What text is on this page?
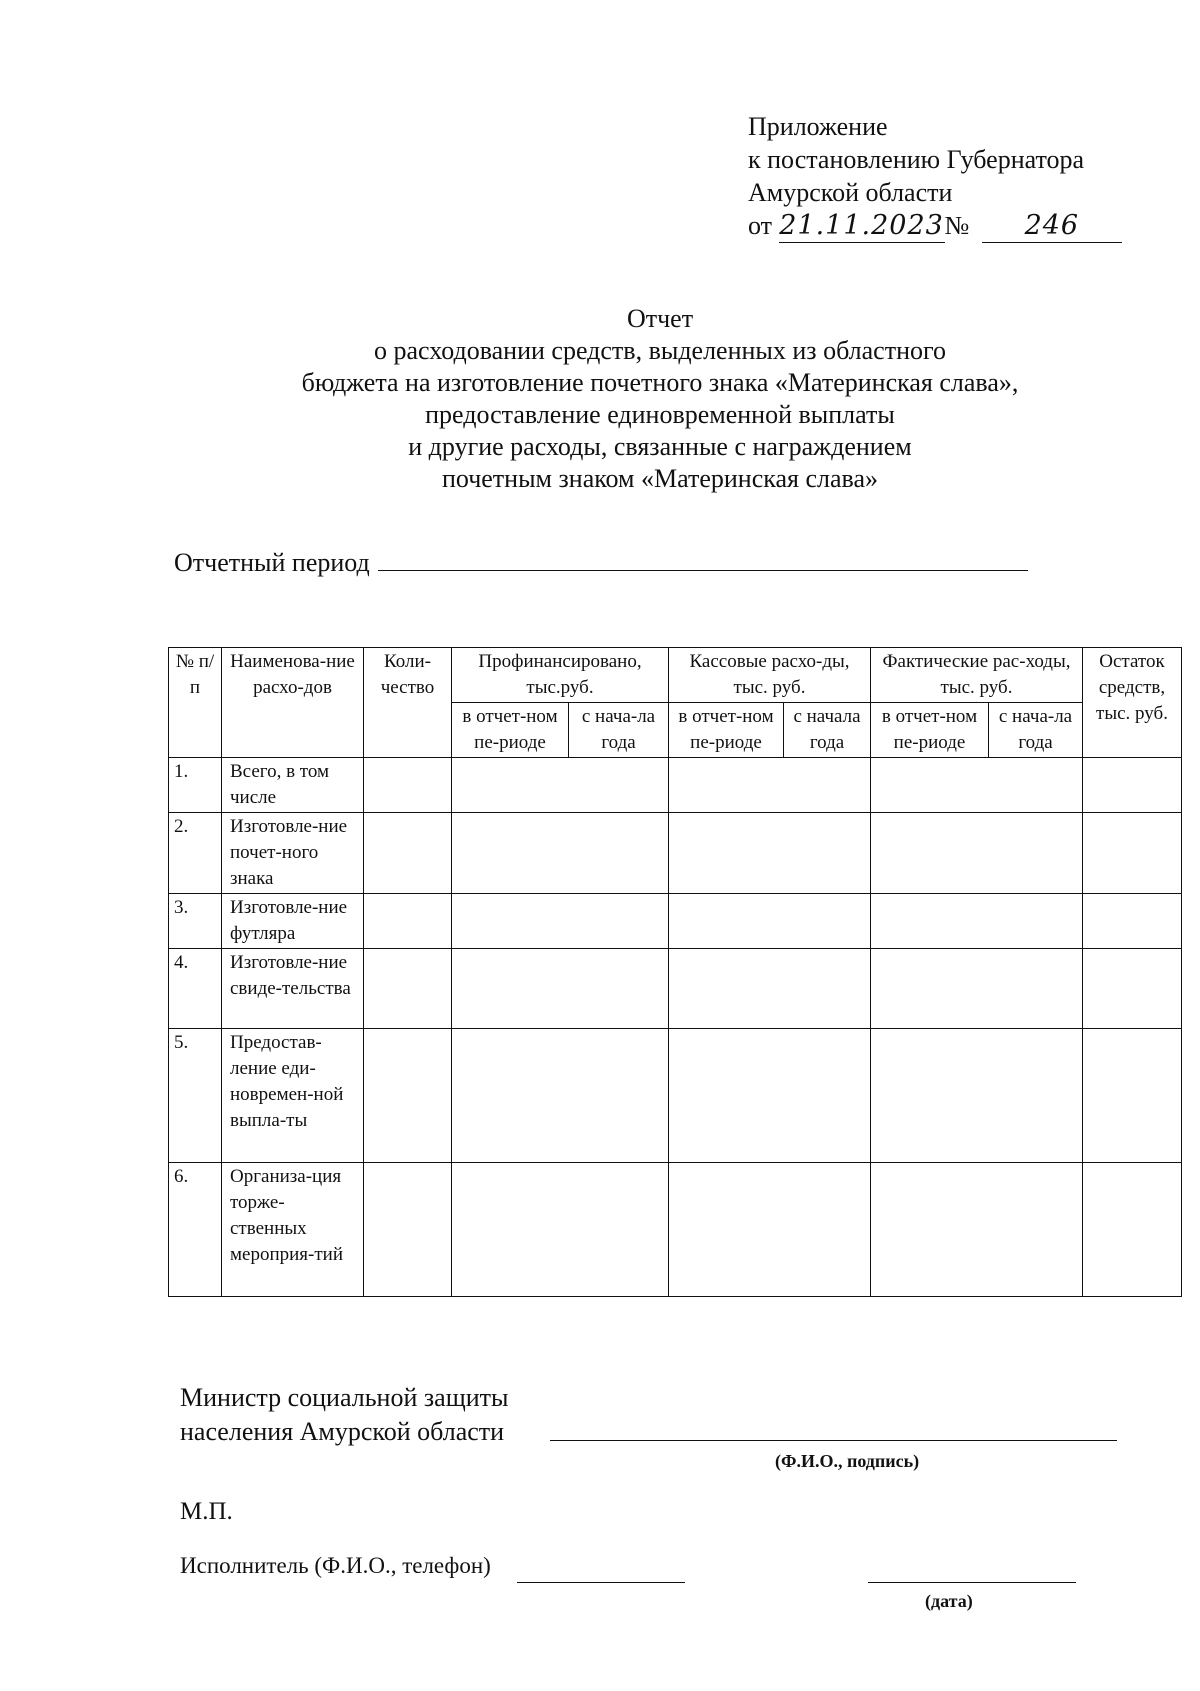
Приложение
к постановлению Губернатора
Амурской области
от 21.11.2023№ 246
Отчет
о расходовании средств, выделенных из областного
бюджета на изготовление почетного знака «Материнская слава»,
предоставление единовременной выплаты
и другие расходы, связанные с награждением
почетным знаком «Материнская слава»
Отчетный период
№ п/п	Наименова-ние расхо-дов	Коли-чество	Профинансировано, тыс.руб.		Кассовые расхо-ды, тыс. руб.		Фактические рас-ходы, тыс. руб.		Остаток средств, тыс. руб.
			в отчет-ном пе-риоде	с нача-ла года	в отчет-ном пе-риоде	с начала года	в отчет-ном пе-риоде	с нача-ла года	
1.	Всего, в том числе								
2.	Изготовле-ние почет-ного знака								
3.	Изготовле-ние футляра								
4.	Изготовле-ние свиде-тельства								
5.	Предостав-ление еди-новремен-ной выпла-ты								
6.	Организа-ция торже-ственных мероприя-тий								
Министр социальной защиты
населения Амурской области
(Ф.И.О., подпись)
М.П.
Исполнитель (Ф.И.О., телефон)
(дата)
